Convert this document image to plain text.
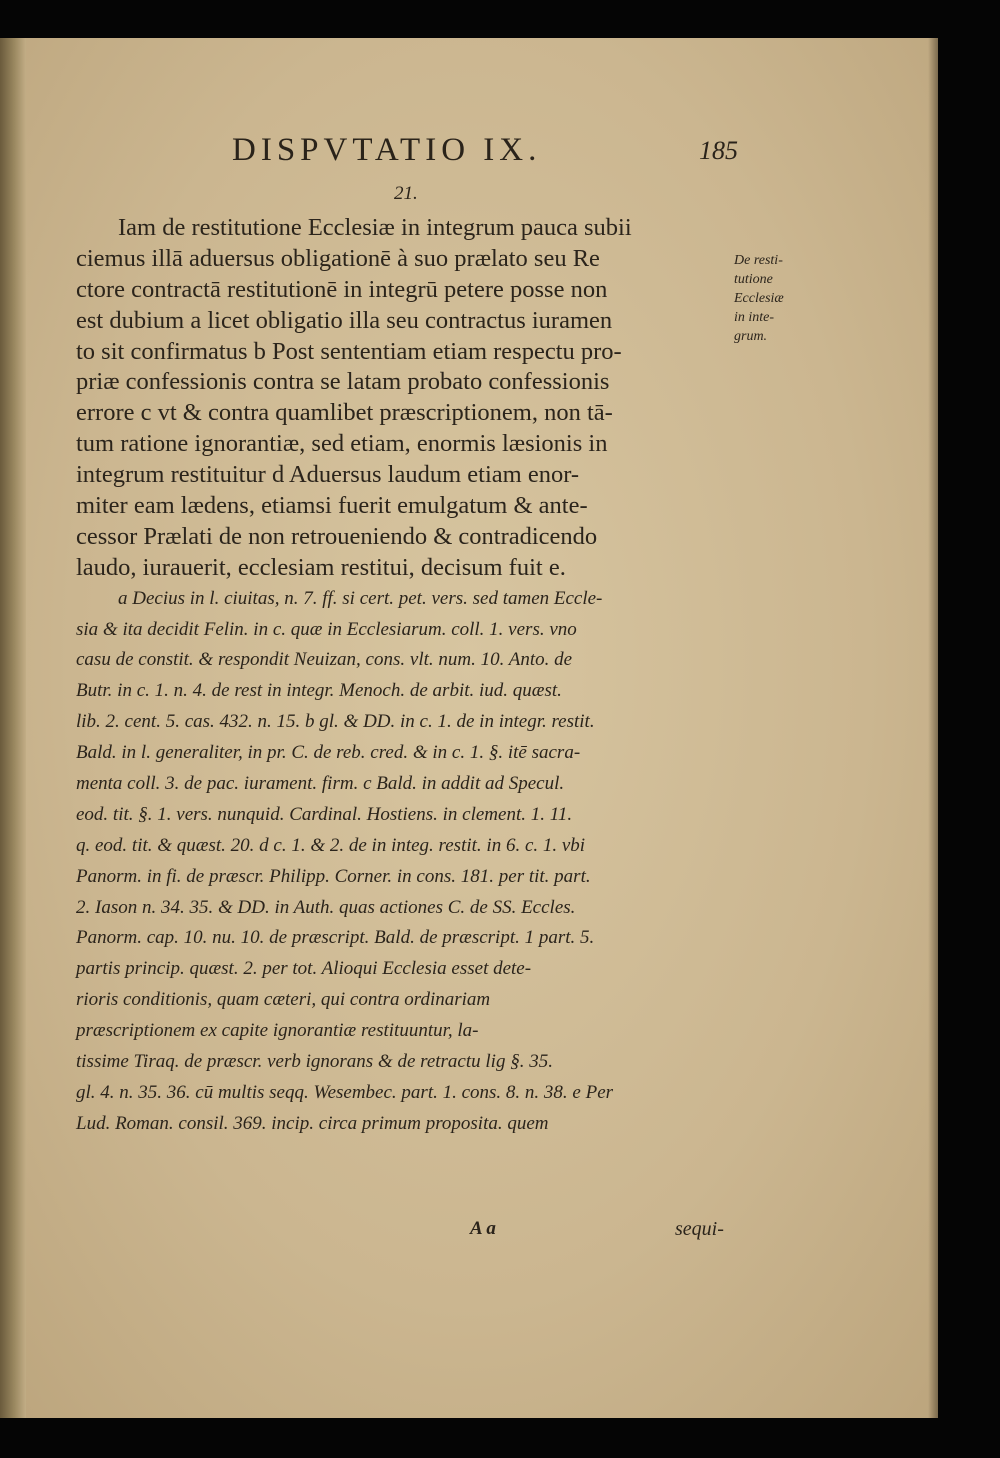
DISPVTATIO IX.	185
21.
De resti-
tutione
Ecclesiæ
in inte-
grum.
Iam de restitutione Ecclesiæ in integrum pauca subii
ciemus illā aduersus obligationē à suo prælato seu Re
ctore contractā restitutionē in integrū petere posse non
est dubium a licet obligatio illa seu contractus iuramen
to sit confirmatus b Post sententiam etiam respectu pro-
priæ confessionis contra se latam probato confessionis
errore c vt & contra quamlibet præscriptionem, non tā-
tum ratione ignorantiæ, sed etiam, enormis læsionis in
integrum restituitur d Aduersus laudum etiam enor-
miter eam lædens, etiamsi fuerit emulgatum & ante-
cessor Prælati de non retroueniendo & contradicendo
laudo, iurauerit, ecclesiam restitui, decisum fuit e.
a Decius in l. ciuitas, n. 7. ff. si cert. pet. vers. sed tamen Eccle-
sia & ita decidit Felin. in c. quæ in Ecclesiarum. coll. 1. vers. vno
casu de constit. & respondit Neuizan, cons. vlt. num. 10. Anto. de
Butr. in c. 1. n. 4. de rest in integr. Menoch. de arbit. iud. quæst.
lib. 2. cent. 5. cas. 432. n. 15. b gl. & DD. in c. 1. de in integr. restit.
Bald. in l. generaliter, in pr. C. de reb. cred. & in c. 1. §. itē sacra-
menta coll. 3. de pac. iurament. firm. c Bald. in addit ad Specul.
eod. tit. §. 1. vers. nunquid. Cardinal. Hostiens. in clement. 1. 11.
q. eod. tit. & quæst. 20. d c. 1. & 2. de in integ. restit. in 6. c. 1. vbi
Panorm. in fi. de præscr. Philipp. Corner. in cons. 181. per tit. part.
2. Iason n. 34. 35. & DD. in Auth. quas actiones C. de SS. Eccles.
Panorm. cap. 10. nu. 10. de præscript. Bald. de præscript. 1 part. 5.
partis princip. quæst. 2. per tot. Alioqui Ecclesia esset dete-
rioris conditionis, quam cæteri, qui contra ordinariam
præscriptionem ex capite ignorantiæ restituuntur, la-
tissime Tiraq. de præscr. verb ignorans & de retractu lig §. 35.
gl. 4. n. 35. 36. cū multis seqq. Wesembec. part. 1. cons. 8. n. 38. e Per
Lud. Roman. consil. 369. incip. circa primum proposita. quem
A a	sequi-
